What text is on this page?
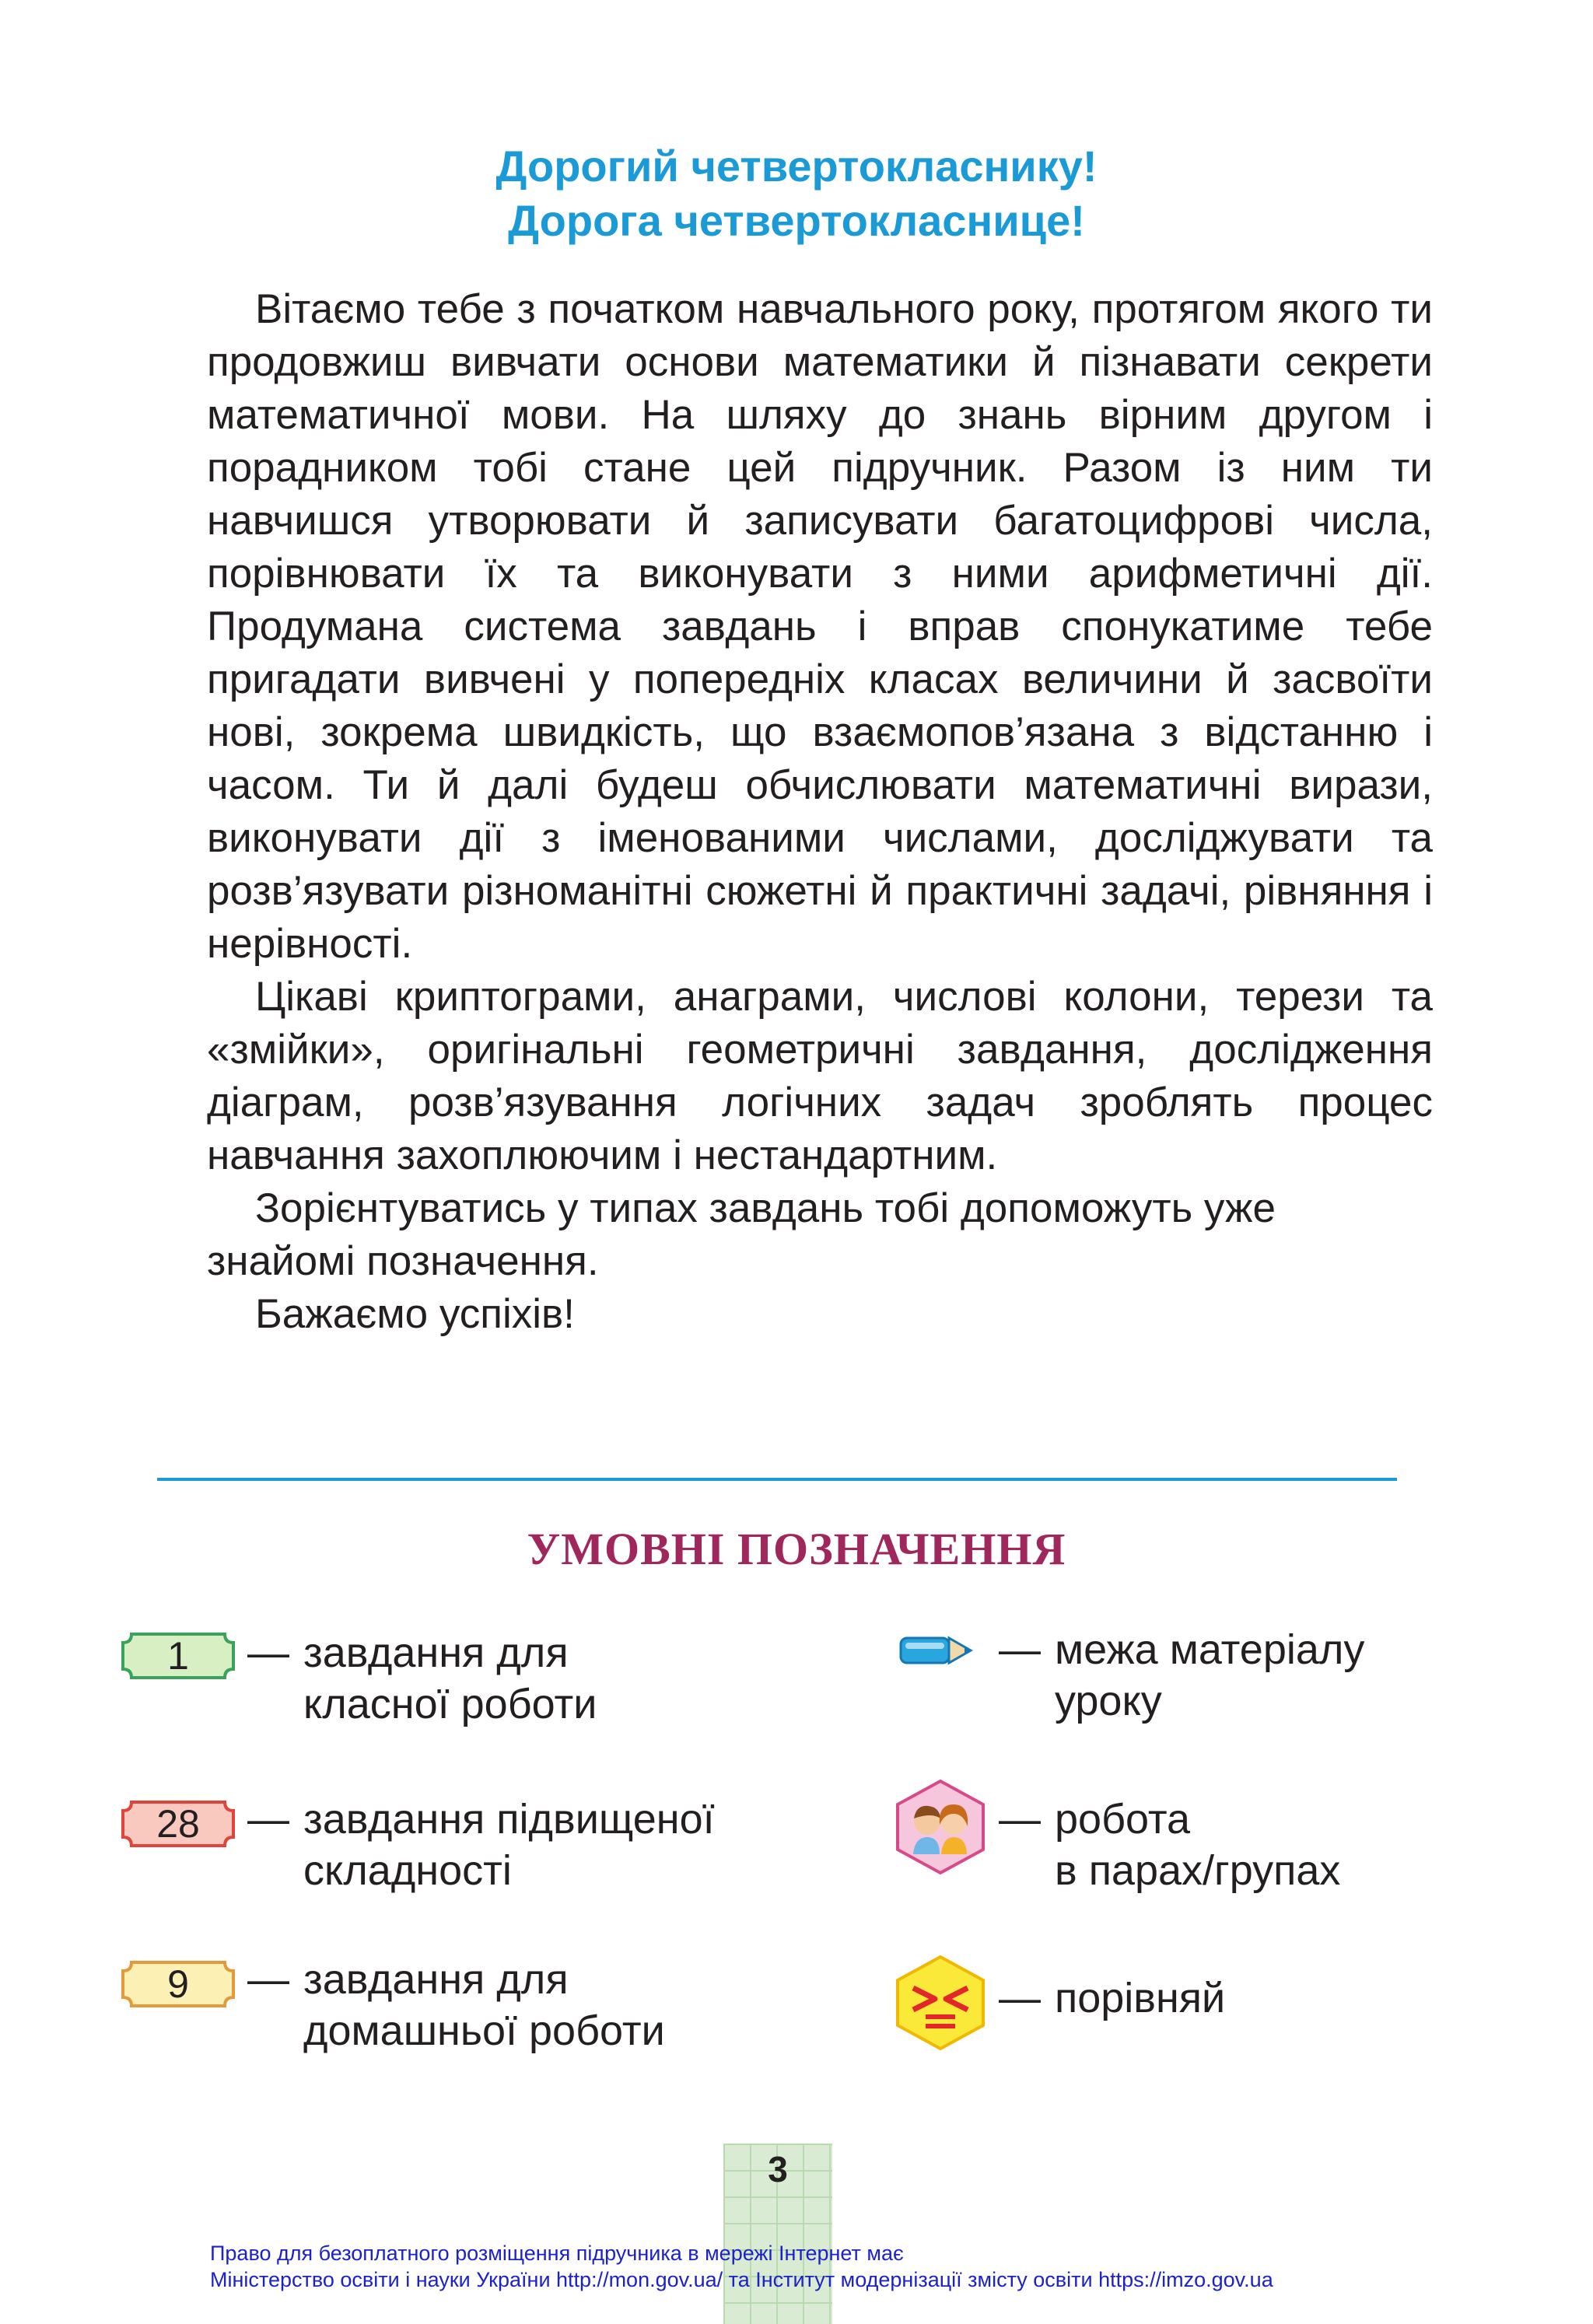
Дорогий четвертокласнику!
Дорога четвертокласнице!

Вітаємо тебе з початком навчального року, протягом якого ти продовжиш вивчати основи математики й пізнавати секрети математичної мови. На шляху до знань вірним другом і порадником тобі стане цей підручник. Разом із ним ти навчишся утворювати й записувати багатоцифрові числа, порівнювати їх та виконувати з ними арифметичні дії. Продумана система завдань і вправ спонукатиме тебе пригадати вивчені у попередніх класах величини й засвоїти нові, зокрема швидкість, що взаємопов’язана з відстанню і часом. Ти й далі будеш обчислювати математичні вирази, виконувати дії з іменованими числами, досліджувати та розв’язувати різноманітні сюжетні й практичні задачі, рівняння і нерівності.

Цікаві криптограми, анаграми, числові колони, терези та «змійки», оригінальні геометричні завдання, дослідження діаграм, розв’язування логічних задач зроблять процес навчання захоплюючим і нестандартним.

Зорієнтуватись у типах завдань тобі допоможуть уже знайомі позначення.

Бажаємо успіхів!

УМОВНІ ПОЗНАЧЕННЯ
1 — завдання для
класної роботи
28 — завдання підвищеної
складності
9 — завдання для
домашньої роботи
— межа матеріалу
уроку
— робота
в парах/групах
— порівняй
3
Право для безоплатного розміщення підручника в мережі Інтернет має
Міністерство освіти і науки України http://mon.gov.ua/ та Інститут модернізації змісту освіти https://imzo.gov.ua
